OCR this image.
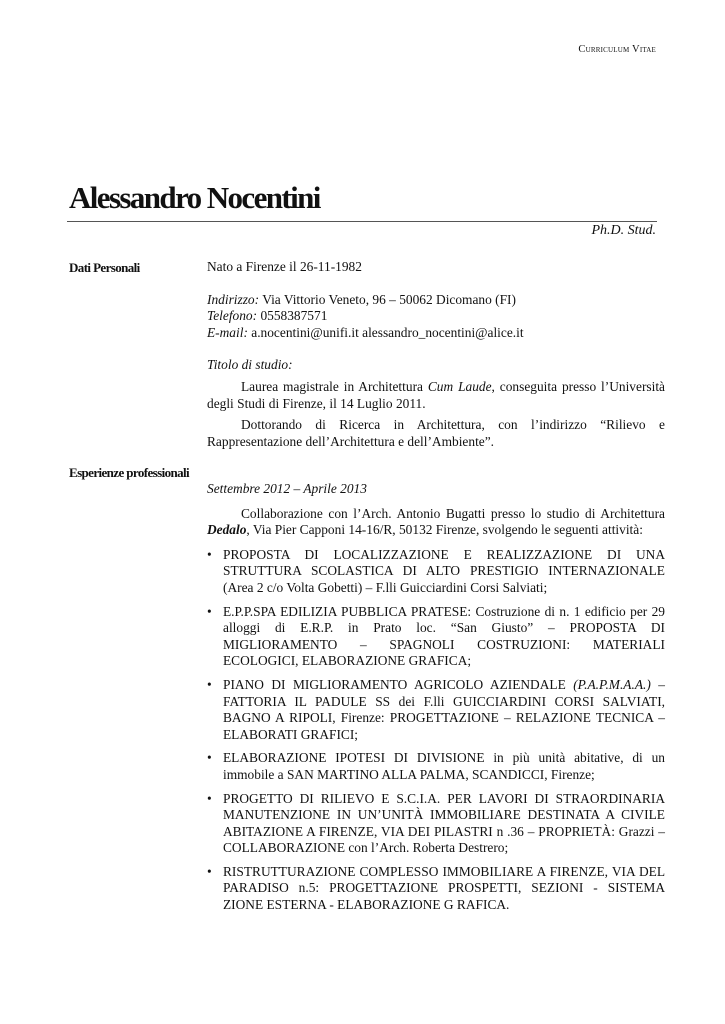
Curriculum Vitae
Alessandro Nocentini
Ph.D. Stud.
Dati Personali	Nato a Firenze il 26-11-1982

Indirizzo: Via Vittorio Veneto, 96 – 50062 Dicomano (FI)

Telefono: 0558387571

E-mail: a.nocentini@unifi.it alessandro_nocentini@alice.it

Titolo di studio:

Laurea magistrale in Architettura Cum Laude, conseguita presso l’Università degli Studi di Firenze, il 14 Luglio 2011.

Dottorando di Ricerca in Architettura, con l’indirizzo “Rilievo e Rappresentazione dell’Architettura e dell’Ambiente”.

Esperienze professionali

Settembre 2012 – Aprile 2013

Collaborazione con l’Arch. Antonio Bugatti presso lo studio di Architettura Dedalo, Via Pier Capponi 14-16/R, 50132 Firenze, svolgendo le seguenti attività:

• PROPOSTA DI LOCALIZZAZIONE E REALIZZAZIONE DI UNA STRUTTURA SCOLASTICA DI ALTO PRESTIGIO INTERNAZIONALE (Area 2 c/o Volta Gobetti) – F.lli Guicciardini Corsi Salviati;
• E.P.P.SPA EDILIZIA PUBBLICA PRATESE: Costruzione di n. 1 edificio per 29 alloggi di E.R.P. in Prato loc. “San Giusto” – PROPOSTA DI MIGLIORAMENTO – SPAGNOLI COSTRUZIONI: MATERIALI ECOLOGICI, ELABORAZIONE GRAFICA;
• PIANO DI MIGLIORAMENTO AGRICOLO AZIENDALE (P.A.P.M.A.A.) – FATTORIA IL PADULE SS dei F.lli GUICCIARDINI CORSI SALVIATI, BAGNO A RIPOLI, Firenze: PROGETTAZIONE – RELAZIONE TECNICA – ELABORATI GRAFICI;
• ELABORAZIONE IPOTESI DI DIVISIONE in più unità abitative, di un immobile a SAN MARTINO ALLA PALMA, SCANDICCI, Firenze;
• PROGETTO DI RILIEVO E S.C.I.A. PER LAVORI DI STRAORDINARIA MANUTENZIONE IN UN’UNITÀ IMMOBILIARE DESTINATA A CIVILE ABITAZIONE A FIRENZE, VIA DEI PILASTRI n .36 – PROPRIETÀ: Grazzi – COLLABORAZIONE con l’Arch. Roberta Destrero;
• RISTRUTTURAZIONE COMPLESSO IMMOBILIARE A FIRENZE, VIA DEL PARADISO n.5: PROGETTAZIONE PROSPETTI, SEZIONI - SISTEMA ZIONE ESTERNA - ELABORAZIONE G RAFICA.
